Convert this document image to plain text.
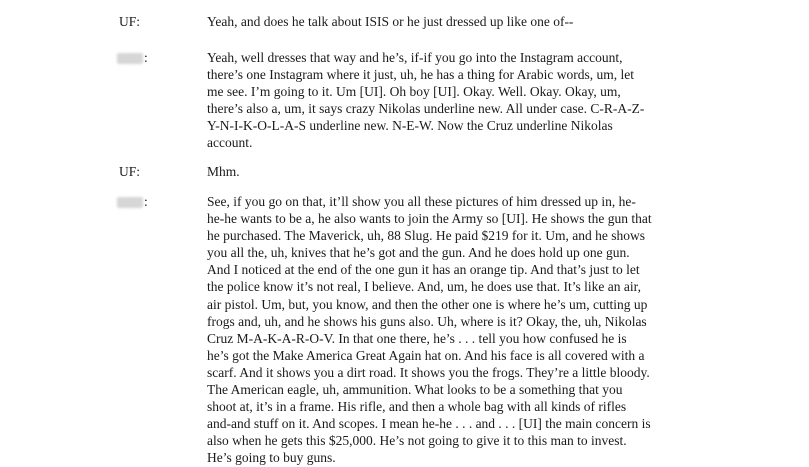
UF:	Yeah, and does he talk about ISIS or he just dressed up like one of--
:	Yeah, well dresses that way and he’s, if-if you go into the Instagram account,
there’s one Instagram where it just, uh, he has a thing for Arabic words, um, let
me see. I’m going to it. Um [UI]. Oh boy [UI]. Okay. Well. Okay. Okay, um,
there’s also a, um, it says crazy Nikolas underline new. All under case. C-R-A-Z-
Y-N-I-K-O-L-A-S underline new. N-E-W. Now the Cruz underline Nikolas
account.
UF:	Mhm.
:	See, if you go on that, it’ll show you all these pictures of him dressed up in, he-
he-he wants to be a, he also wants to join the Army so [UI]. He shows the gun that
he purchased. The Maverick, uh, 88 Slug. He paid $219 for it. Um, and he shows
you all the, uh, knives that he’s got and the gun. And he does hold up one gun.
And I noticed at the end of the one gun it has an orange tip. And that’s just to let
the police know it’s not real, I believe. And, um, he does use that. It’s like an air,
air pistol. Um, but, you know, and then the other one is where he’s um, cutting up
frogs and, uh, and he shows his guns also. Uh, where is it? Okay, the, uh, Nikolas
Cruz M-A-K-A-R-O-V. In that one there, he’s . . . tell you how confused he is
he’s got the Make America Great Again hat on. And his face is all covered with a
scarf. And it shows you a dirt road. It shows you the frogs. They’re a little bloody.
The American eagle, uh, ammunition. What looks to be a something that you
shoot at, it’s in a frame. His rifle, and then a whole bag with all kinds of rifles
and-and stuff on it. And scopes. I mean he-he . . . and . . . [UI] the main concern is
also when he gets this $25,000. He’s not going to give it to this man to invest.
He’s going to buy guns.
